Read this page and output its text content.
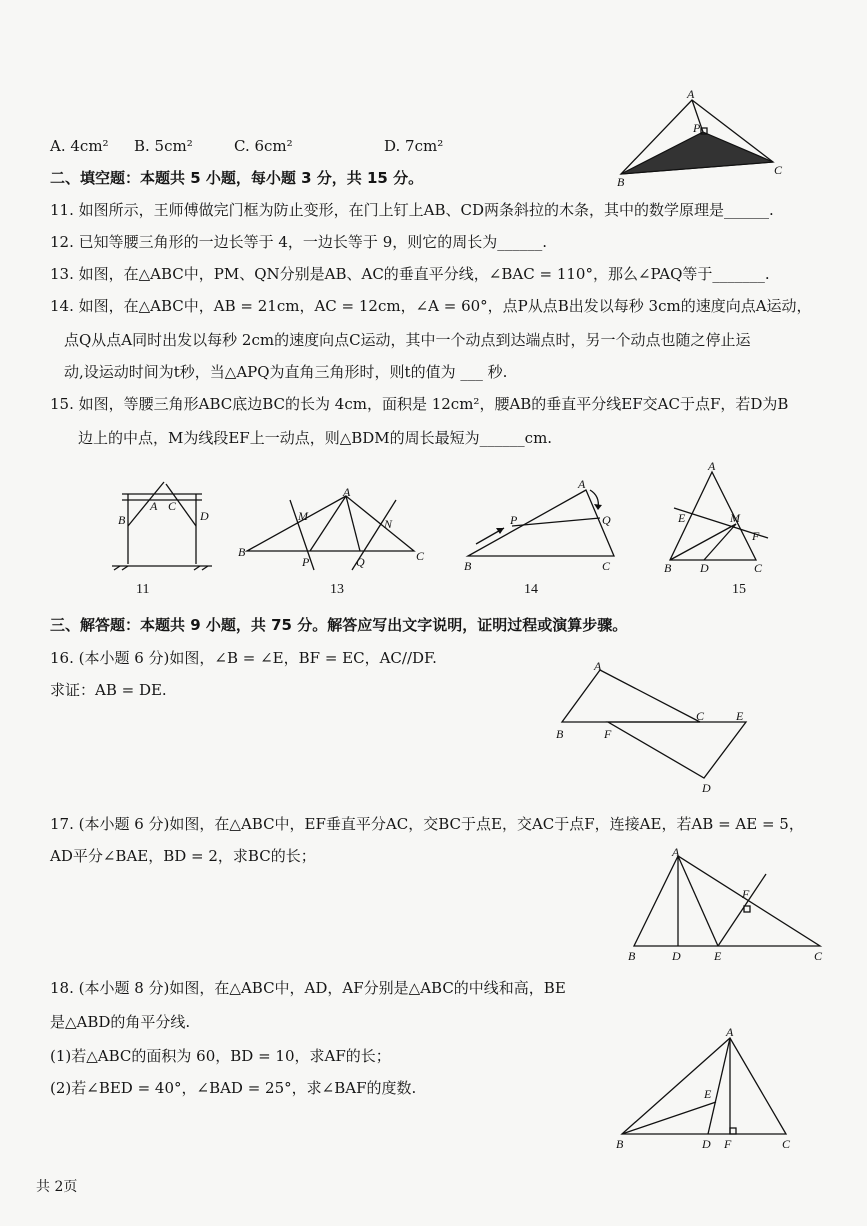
A
P
C
B
A. 4cm² B. 5cm²	C. 6cm²	D. 7cm²
二、填空题：本题共 5 小题，每小题 3 分，共 15 分。
11. 如图所示，王师傅做完门框为防止变形，在门上钉上AB、CD两条斜拉的木条，其中的数学原理是______.
12. 已知等腰三角形的一边长等于 4，一边长等于 9，则它的周长为______.
13. 如图，在△ABC中，PM、QN分别是AB、AC的垂直平分线，∠BAC = 110°，那么∠PAQ等于_______.
14. 如图，在△ABC中，AB = 21cm，AC = 12cm，∠A = 60°，点P从点B出发以每秒 3cm的速度向点A运动，
点Q从点A同时出发以每秒 2cm的速度向点C运动，其中一个动点到达端点时，另一个动点也随之停止运
动,设运动时间为t秒，当△APQ为直角三角形时，则t的值为 ___ 秒.
15. 如图，等腰三角形ABC底边BC的长为 4cm，面积是 12cm²，腰AB的垂直平分线EF交AC于点F，若D为B
边上的中点，M为线段EF上一动点，则△BDM的周长最短为______cm.
B
A C
D
11
A
B	C
M
N
P	Q
13
A
P	Q
B	C
14
A
E	M
F
B D	C
15
三、解答题：本题共 9 小题，共 75 分。解答应写出文字说明，证明过程或演算步骤。
16. (本小题 6 分)如图，∠B = ∠E，BF = EC，AC//DF.
求证：AB = DE.
A
B
C	E
F
D
17. (本小题 6 分)如图，在△ABC中，EF垂直平分AC，交BC于点E，交AC于点F，连接AE，若AB = AE = 5，
AD平分∠BAE，BD = 2，求BC的长；	A
B	D	E
F
C
18. (本小题 8 分)如图，在△ABC中，AD，AF分别是△ABC的中线和高，BE
是△ABD的角平分线.
(1)若△ABC的面积为 60，BD = 10，求AF的长；
(2)若∠BED = 40°，∠BAD = 25°，求∠BAF的度数.
A
E
B	D F	C
共 2页
